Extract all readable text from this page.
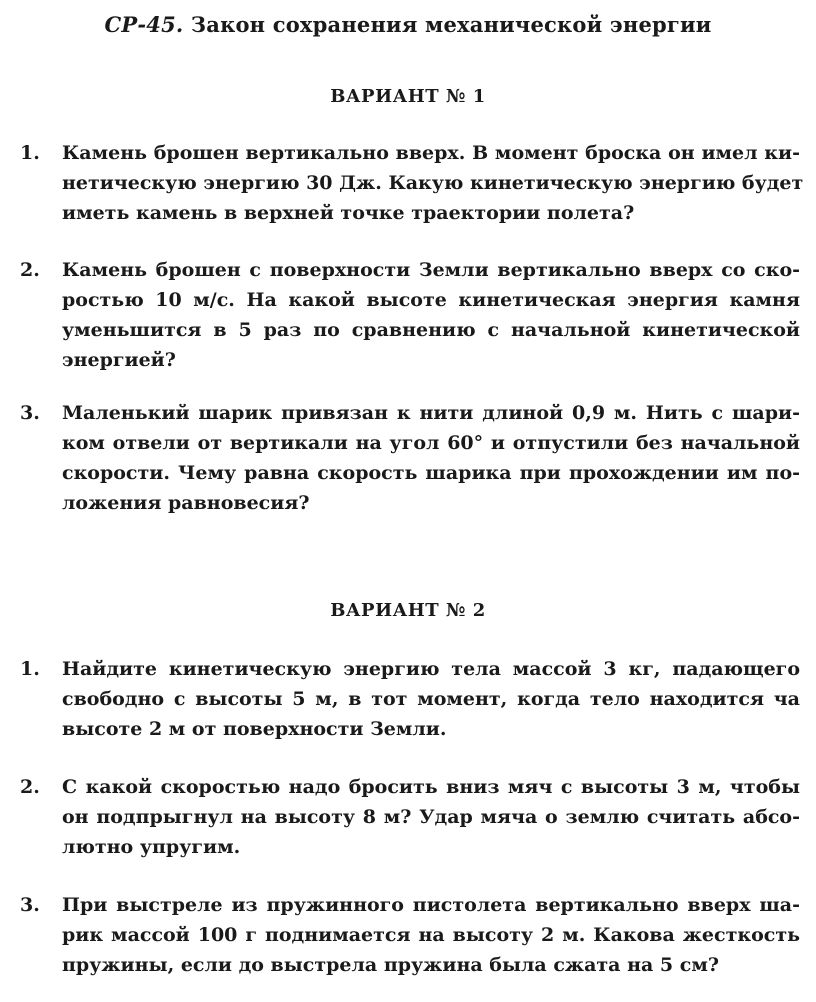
СР-45. Закон сохранения механической энергии
ВАРИАНТ № 1
1. Камень брошен вертикально вверх. В момент броска он имел ки-
нетическую энергию 30 Дж. Какую кинетическую энергию будет
иметь камень в верхней точке траектории полета?
2. Камень брошен с поверхности Земли вертикально вверх со ско-
ростью 10 м/с. На какой высоте кинетическая энергия камня
уменьшится в 5 раз по сравнению с начальной кинетической
энергией?
3. Маленький шарик привязан к нити длиной 0,9 м. Нить с шари-
ком отвели от вертикали на угол 60° и отпустили без начальной
скорости. Чему равна скорость шарика при прохождении им по-
ложения равновесия?
ВАРИАНТ № 2
1. Найдите кинетическую энергию тела массой 3 кг, падающего
свободно с высоты 5 м, в тот момент, когда тело находится ча
высоте 2 м от поверхности Земли.
2. С какой скоростью надо бросить вниз мяч с высоты 3 м, чтобы
он подпрыгнул на высоту 8 м? Удар мяча о землю считать абсо-
лютно упругим.
3. При выстреле из пружинного пистолета вертикально вверх ша-
рик массой 100 г поднимается на высоту 2 м. Какова жесткость
пружины, если до выстрела пружина была сжата на 5 см?
